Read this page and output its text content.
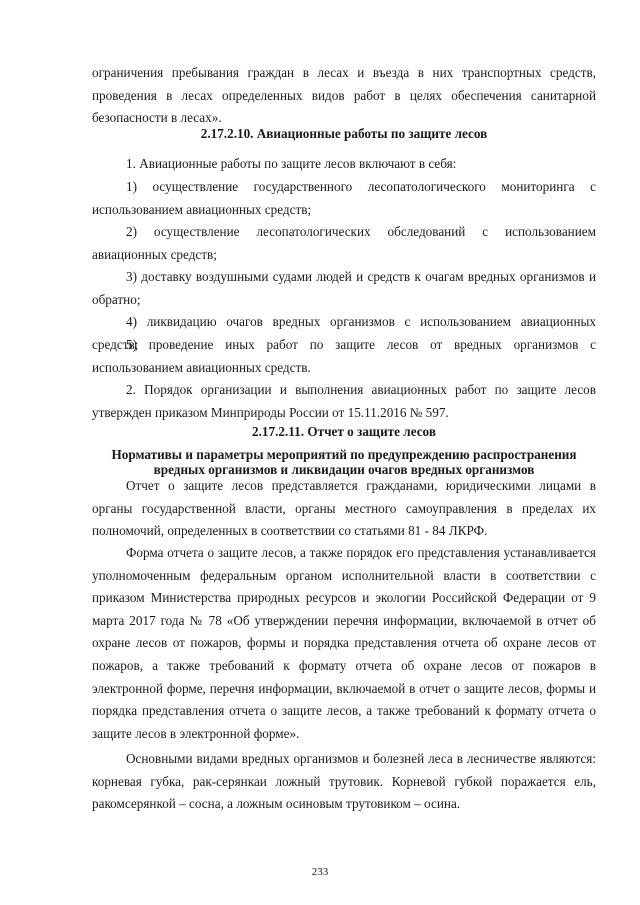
ограничения пребывания граждан в лесах и въезда в них транспортных средств, проведения в лесах определенных видов работ в целях обеспечения санитарной безопасности в лесах».

2.17.2.10. Авиационные работы по защите лесов

1. Авиационные работы по защите лесов включают в себя:

1) осуществление государственного лесопатологического мониторинга с использованием авиационных средств;

2) осуществление лесопатологических обследований с использованием авиационных средств;

3) доставку воздушными судами людей и средств к очагам вредных организмов и обратно;

4) ликвидацию очагов вредных организмов с использованием авиационных средств;

5) проведение иных работ по защите лесов от вредных организмов с использованием авиационных средств.

2. Порядок организации и выполнения авиационных работ по защите лесов утвержден приказом Минприроды России от 15.11.2016 № 597.

2.17.2.11. Отчет о защите лесов

Нормативы и параметры мероприятий по предупреждению распространения вредных организмов и ликвидации очагов вредных организмов

Отчет о защите лесов представляется гражданами, юридическими лицами в органы государственной власти, органы местного самоуправления в пределах их полномочий, определенных в соответствии со статьями 81 - 84 ЛКРФ.

Форма отчета о защите лесов, а также порядок его представления устанавливается уполномоченным федеральным органом исполнительной власти в соответствии с приказом Министерства природных ресурсов и экологии Российской Федерации от 9 марта 2017 года № 78 «Об утверждении перечня информации, включаемой в отчет об охране лесов от пожаров, формы и порядка представления отчета об охране лесов от пожаров, а также требований к формату отчета об охране лесов от пожаров в электронной форме, перечня информации, включаемой в отчет о защите лесов, формы и порядка представления отчета о защите лесов, а также требований к формату отчета о защите лесов в электронной форме».

Основными видами вредных организмов и болезней леса в лесничестве являются: корневая губка, рак-серянкаи ложный трутовик. Корневой губкой поражается ель, ракомсерянкой – сосна, а ложным осиновым трутовиком – осина.

233
